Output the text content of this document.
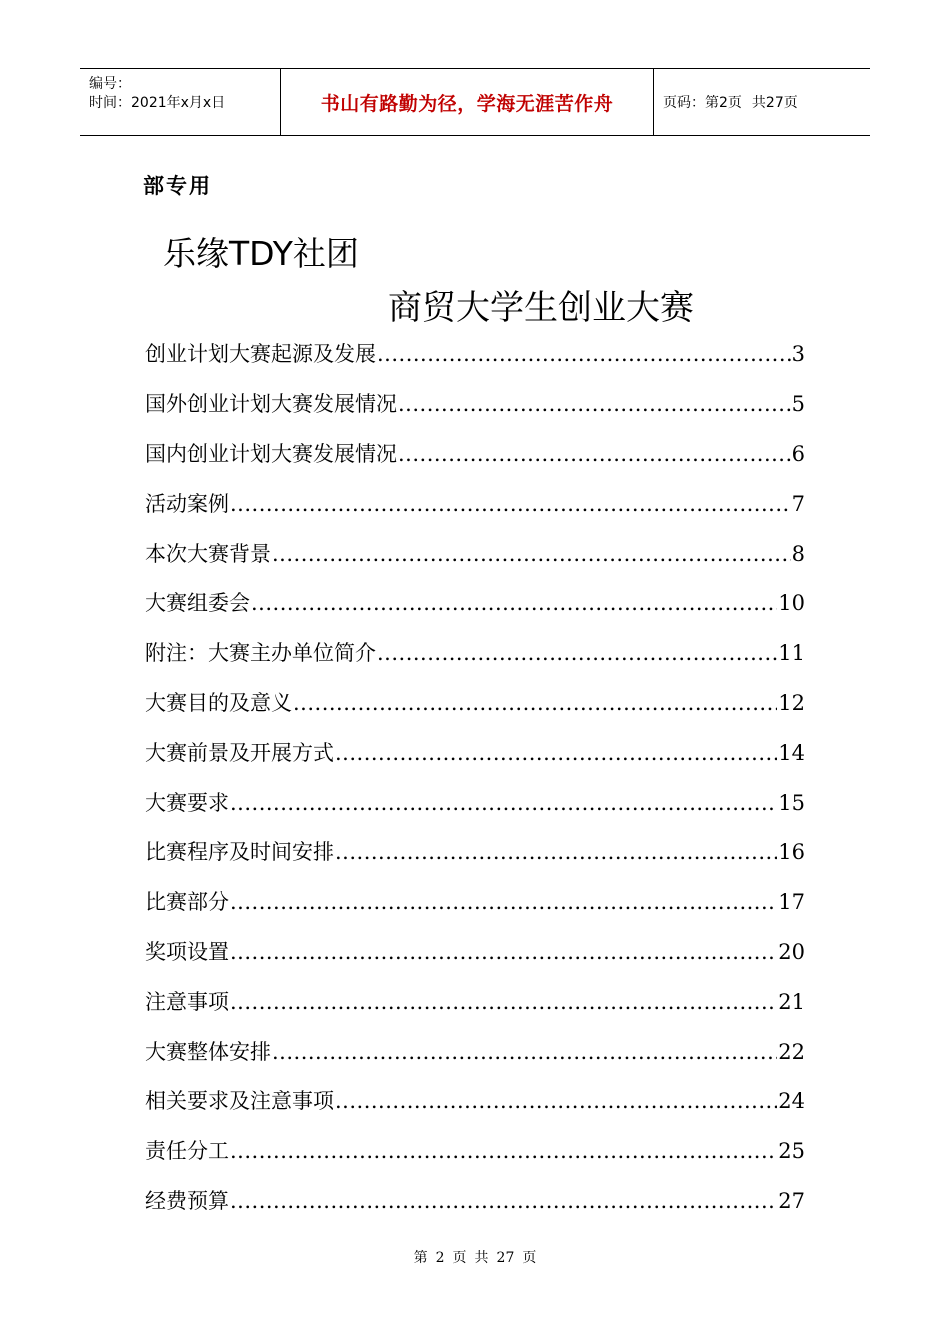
编号：
时间：2021年x月x日	书山有路勤为径，学海无涯苦作舟	页码：第2页 共27页
部专用
乐缘TDY社团
商贸大学生创业大赛
创业计划大赛起源及发展 .....	3
国外创业计划大赛发展情况 .....	5
国内创业计划大赛发展情况 .....	6
活动案例 .....	7
本次大赛背景 .....	8
大赛组委会 .....	10
附注：大赛主办单位简介 .....	11
大赛目的及意义 .....	12
大赛前景及开展方式 .....	14
大赛要求 .....	15
比赛程序及时间安排 .....	16
比赛部分 .....	17
奖项设置 .....	20
注意事项 .....	21
大赛整体安排 .....	22
相关要求及注意事项 .....	24
责任分工 .....	25
经费预算 .....	27
第 2 页 共 27 页
